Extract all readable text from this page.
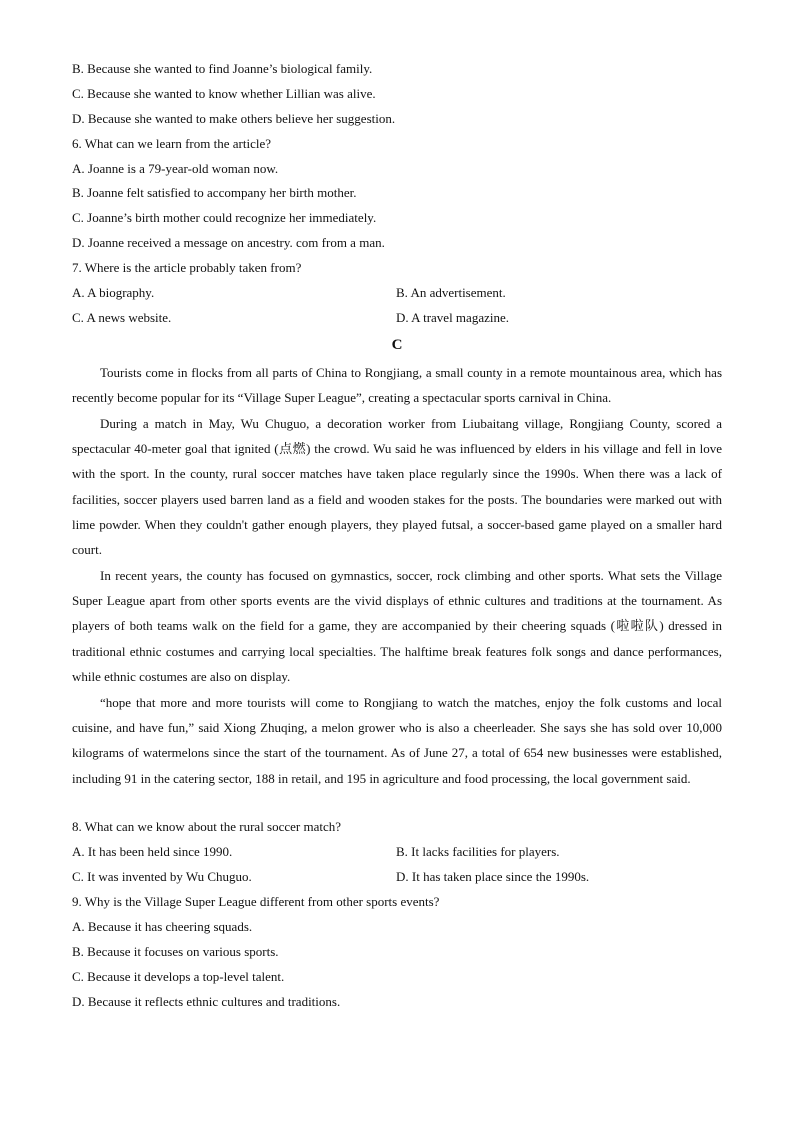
B. Because she wanted to find Joanne’s biological family.
C. Because she wanted to know whether Lillian was alive.
D. Because she wanted to make others believe her suggestion.
6. What can we learn from the article?
A. Joanne is a 79-year-old woman now.
B. Joanne felt satisfied to accompany her birth mother.
C. Joanne’s birth mother could recognize her immediately.
D. Joanne received a message on ancestry. com from a man.
7. Where is the article probably taken from?
A. A biography.	B. An advertisement.
C. A news website.	D. A travel magazine.
C
Tourists come in flocks from all parts of China to Rongjiang, a small county in a remote mountainous area, which has recently become popular for its “Village Super League”, creating a spectacular sports carnival in China.
During a match in May, Wu Chuguo, a decoration worker from Liubaitang village, Rongjiang County, scored a spectacular 40-meter goal that ignited (点燃) the crowd. Wu said he was influenced by elders in his village and fell in love with the sport. In the county, rural soccer matches have taken place regularly since the 1990s. When there was a lack of facilities, soccer players used barren land as a field and wooden stakes for the posts. The boundaries were marked out with lime powder. When they couldn't gather enough players, they played futsal, a soccer-based game played on a smaller hard court.
In recent years, the county has focused on gymnastics, soccer, rock climbing and other sports. What sets the Village Super League apart from other sports events are the vivid displays of ethnic cultures and traditions at the tournament. As players of both teams walk on the field for a game, they are accompanied by their cheering squads (啦啦队) dressed in traditional ethnic costumes and carrying local specialties. The halftime break features folk songs and dance performances, while ethnic costumes are also on display.
“hope that more and more tourists will come to Rongjiang to watch the matches, enjoy the folk customs and local cuisine, and have fun,” said Xiong Zhuqing, a melon grower who is also a cheerleader. She says she has sold over 10,000 kilograms of watermelons since the start of the tournament. As of June 27, a total of 654 new businesses were established, including 91 in the catering sector, 188 in retail, and 195 in agriculture and food processing, the local government said.
8. What can we know about the rural soccer match?
A. It has been held since 1990.	B. It lacks facilities for players.
C. It was invented by Wu Chuguo.	D. It has taken place since the 1990s.
9. Why is the Village Super League different from other sports events?
A. Because it has cheering squads.
B. Because it focuses on various sports.
C. Because it develops a top-level talent.
D. Because it reflects ethnic cultures and traditions.
